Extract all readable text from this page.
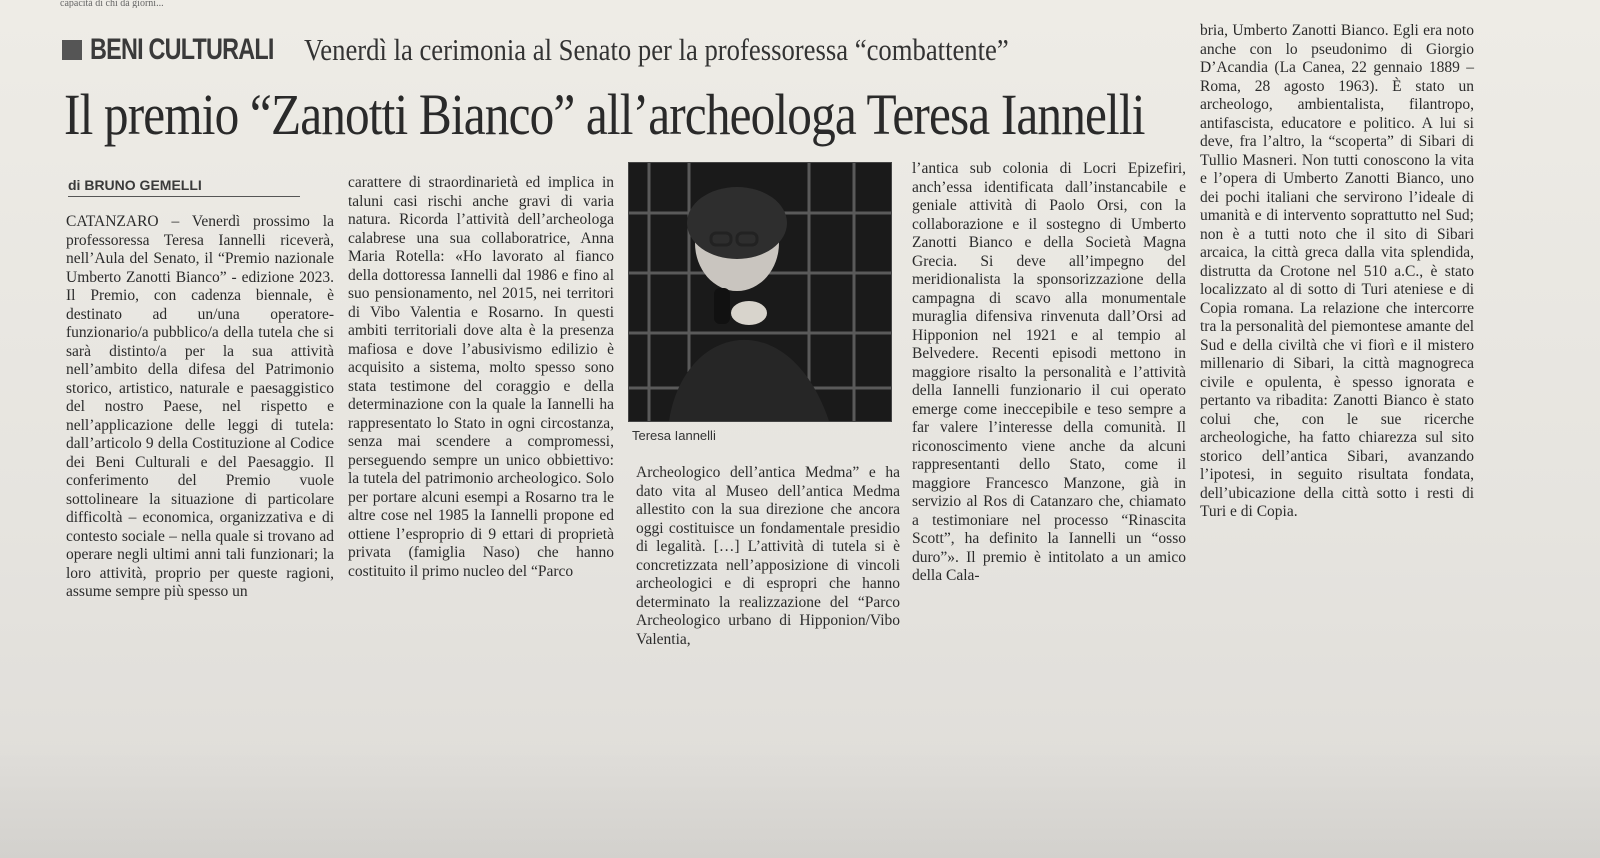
capacità di chi dà giorni...
BENI CULTURALI Venerdì la cerimonia al Senato per la professoressa “combattente”
Il premio “Zanotti Bianco” all’archeologa Teresa Iannelli
di BRUNO GEMELLI

CATANZARO – Venerdì prossimo la professoressa Teresa Iannelli riceverà, nell’Aula del Senato, il “Premio nazionale Umberto Zanotti Bianco” - edizione 2023. Il Premio, con cadenza biennale, è destinato ad un/una operatore-funzionario/a pubblico/a della tutela che si sarà distinto/a per la sua attività nell’ambito della difesa del Patrimonio storico, artistico, naturale e paesaggistico del nostro Paese, nel rispetto e nell’applicazione delle leggi di tutela: dall’articolo 9 della Costituzione al Codice dei Beni Culturali e del Paesaggio. Il conferimento del Premio vuole sottolineare la situazione di particolare difficoltà – economica, organizzativa e di contesto sociale – nella quale si trovano ad operare negli ultimi anni tali funzionari; la loro attività, proprio per queste ragioni, assume sempre più spesso un

carattere di straordinarietà ed implica in taluni casi rischi anche gravi di varia natura. Ricorda l’attività dell’archeologa calabrese una sua collaboratrice, Anna Maria Rotella: «Ho lavorato al fianco della dottoressa Iannelli dal 1986 e fino al suo pensionamento, nel 2015, nei territori di Vibo Valentia e Rosarno. In questi ambiti territoriali dove alta è la presenza mafiosa e dove l’abusivismo edilizio è acquisito a sistema, molto spesso sono stata testimone del coraggio e della determinazione con la quale la Iannelli ha rappresentato lo Stato in ogni circostanza, senza mai scendere a compromessi, perseguendo sempre un unico obbiettivo: la tutela del patrimonio archeologico. Solo per portare alcuni esempi a Rosarno tra le altre cose nel 1985 la Iannelli propone ed ottiene l’esproprio di 9 ettari di proprietà privata (famiglia Naso) che hanno costituito il primo nucleo del “Parco

Teresa Iannelli

Archeologico dell’antica Medma” e ha dato vita al Museo dell’antica Medma allestito con la sua direzione che ancora oggi costituisce un fondamentale presidio di legalità. […] L’attività di tutela si è concretizzata nell’apposizione di vincoli archeologici e di espropri che hanno determinato la realizzazione del “Parco Archeologico urbano di Hipponion/Vibo Valentia,

l’antica sub colonia di Locri Epizefiri, anch’essa identificata dall’instancabile e geniale attività di Paolo Orsi, con la collaborazione e il sostegno di Umberto Zanotti Bianco e della Società Magna Grecia. Si deve all’impegno del meridionalista la sponsorizzazione della campagna di scavo alla monumentale muraglia difensiva rinvenuta dall’Orsi ad Hipponion nel 1921 e al tempio al Belvedere. Recenti episodi mettono in maggiore risalto la personalità e l’attività della Iannelli funzionario il cui operato emerge come ineccepibile e teso sempre a far valere l’interesse della comunità. Il riconoscimento viene anche da alcuni rappresentanti dello Stato, come il maggiore Francesco Manzone, già in servizio al Ros di Catanzaro che, chiamato a testimoniare nel processo “Rinascita Scott”, ha definito la Iannelli un “osso duro”». Il premio è intitolato a un amico della Cala-

bria, Umberto Zanotti Bianco. Egli era noto anche con lo pseudonimo di Giorgio D’Acandia (La Canea, 22 gennaio 1889 – Roma, 28 agosto 1963). È stato un archeologo, ambientalista, filantropo, antifascista, educatore e politico. A lui si deve, fra l’altro, la “scoperta” di Sibari di Tullio Masneri. Non tutti conoscono la vita e l’opera di Umberto Zanotti Bianco, uno dei pochi italiani che servirono l’ideale di umanità e di intervento soprattutto nel Sud; non è a tutti noto che il sito di Sibari arcaica, la città greca dalla vita splendida, distrutta da Crotone nel 510 a.C., è stato localizzato al di sotto di Turi ateniese e di Copia romana. La relazione che intercorre tra la personalità del piemontese amante del Sud e della civiltà che vi fiorì e il mistero millenario di Sibari, la città magnogreca civile e opulenta, è spesso ignorata e pertanto va ribadita: Zanotti Bianco è stato colui che, con le sue ricerche archeologiche, ha fatto chiarezza sul sito storico dell’antica Sibari, avanzando l’ipotesi, in seguito risultata fondata, dell’ubicazione della città sotto i resti di Turi e di Copia.
